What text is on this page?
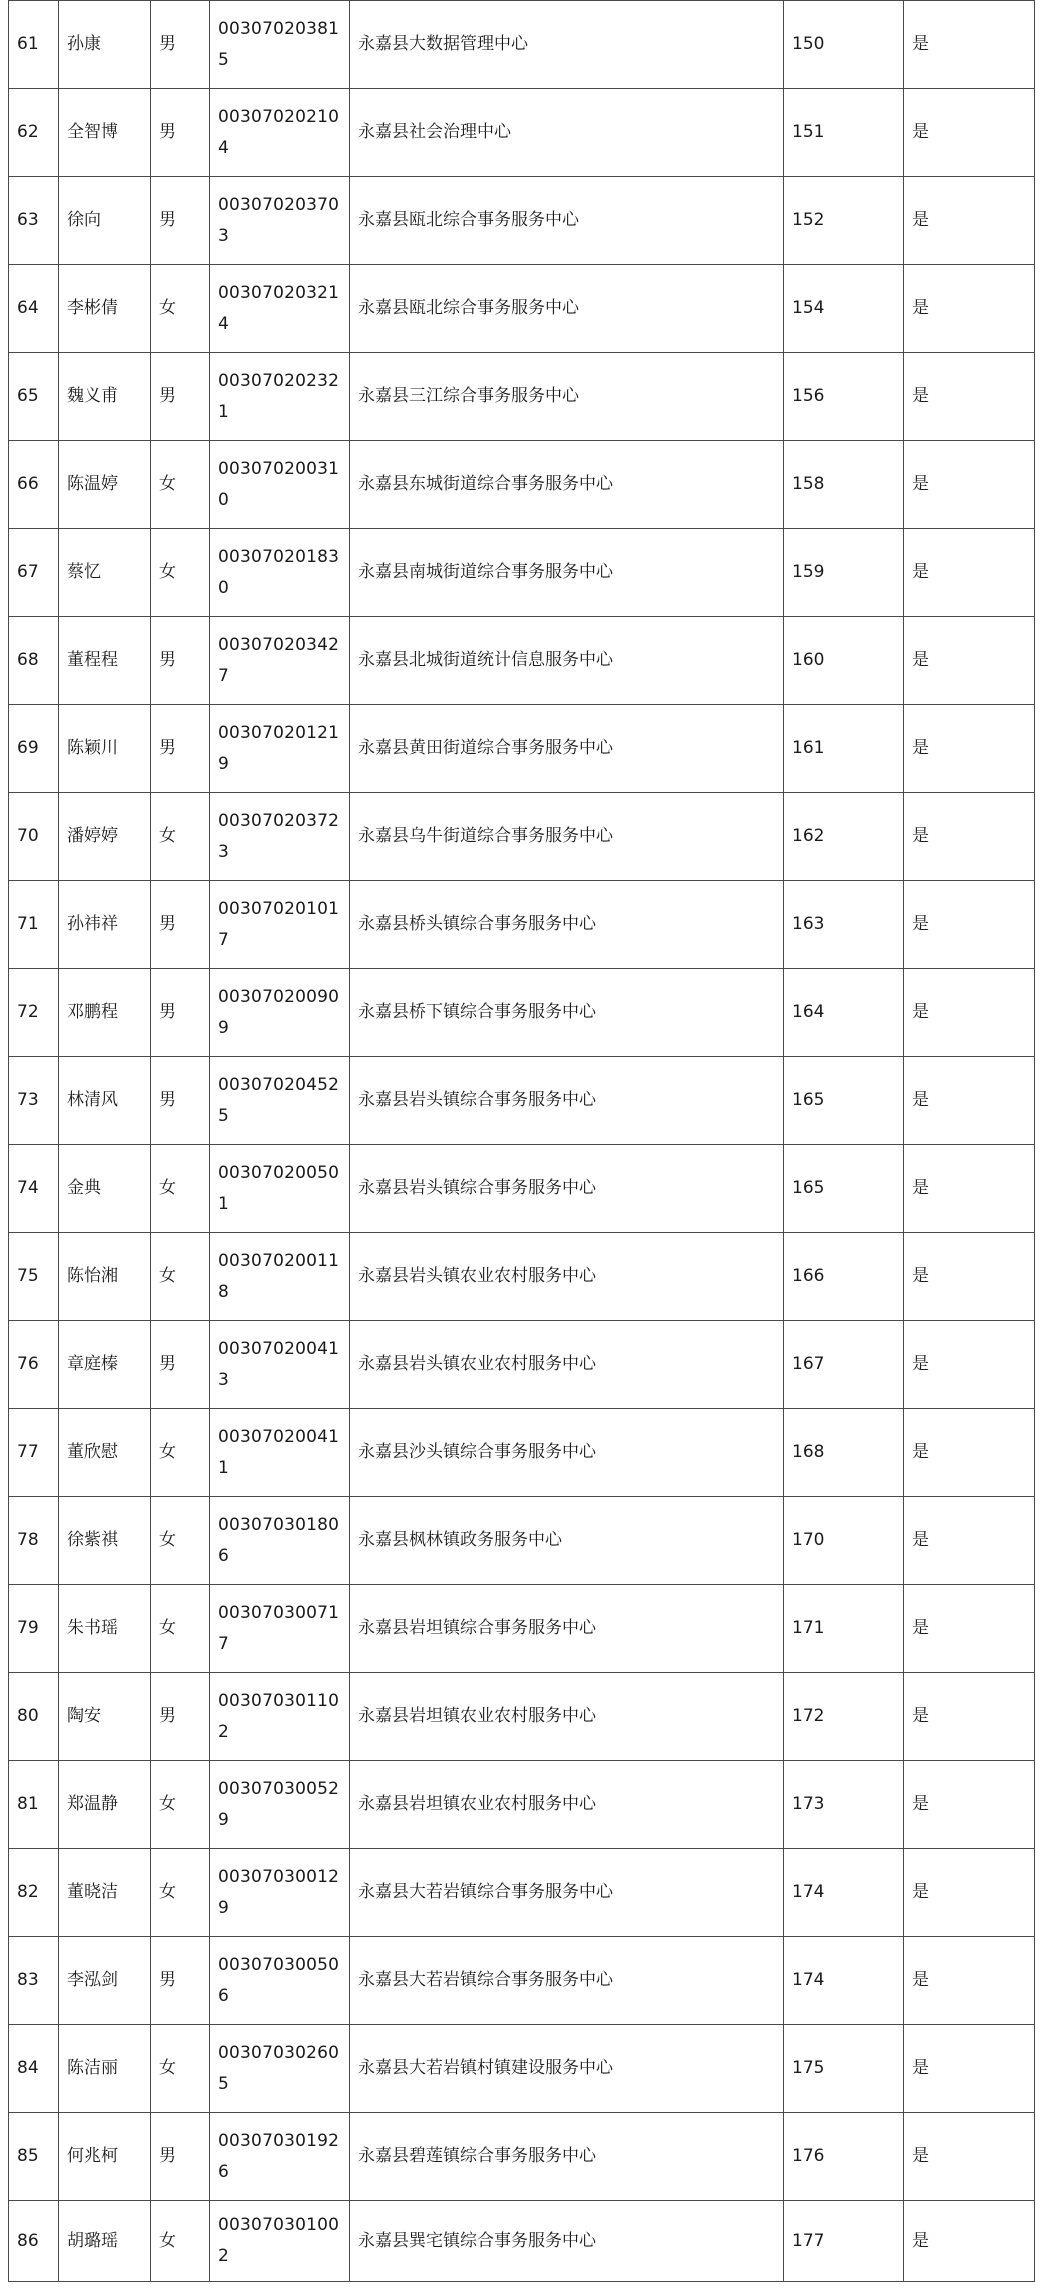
61	孙康	男	003070203815	永嘉县大数据管理中心	150	是
62	全智博	男	003070202104	永嘉县社会治理中心	151	是
63	徐向	男	003070203703	永嘉县瓯北综合事务服务中心	152	是
64	李彬倩	女	003070203214	永嘉县瓯北综合事务服务中心	154	是
65	魏义甫	男	003070202321	永嘉县三江综合事务服务中心	156	是
66	陈温婷	女	003070200310	永嘉县东城街道综合事务服务中心	158	是
67	蔡忆	女	003070201830	永嘉县南城街道综合事务服务中心	159	是
68	董程程	男	003070203427	永嘉县北城街道统计信息服务中心	160	是
69	陈颖川	男	003070201219	永嘉县黄田街道综合事务服务中心	161	是
70	潘婷婷	女	003070203723	永嘉县乌牛街道综合事务服务中心	162	是
71	孙祎祥	男	003070201017	永嘉县桥头镇综合事务服务中心	163	是
72	邓鹏程	男	003070200909	永嘉县桥下镇综合事务服务中心	164	是
73	林清风	男	003070204525	永嘉县岩头镇综合事务服务中心	165	是
74	金典	女	003070200501	永嘉县岩头镇综合事务服务中心	165	是
75	陈怡湘	女	003070200118	永嘉县岩头镇农业农村服务中心	166	是
76	章庭榛	男	003070200413	永嘉县岩头镇农业农村服务中心	167	是
77	董欣慰	女	003070200411	永嘉县沙头镇综合事务服务中心	168	是
78	徐紫祺	女	003070301806	永嘉县枫林镇政务服务中心	170	是
79	朱书瑶	女	003070300717	永嘉县岩坦镇综合事务服务中心	171	是
80	陶安	男	003070301102	永嘉县岩坦镇农业农村服务中心	172	是
81	郑温静	女	003070300529	永嘉县岩坦镇农业农村服务中心	173	是
82	董晓洁	女	003070300129	永嘉县大若岩镇综合事务服务中心	174	是
83	李泓剑	男	003070300506	永嘉县大若岩镇综合事务服务中心	174	是
84	陈洁丽	女	003070302605	永嘉县大若岩镇村镇建设服务中心	175	是
85	何兆柯	男	003070301926	永嘉县碧莲镇综合事务服务中心	176	是
86	胡璐瑶	女	003070301002	永嘉县巽宅镇综合事务服务中心	177	是
